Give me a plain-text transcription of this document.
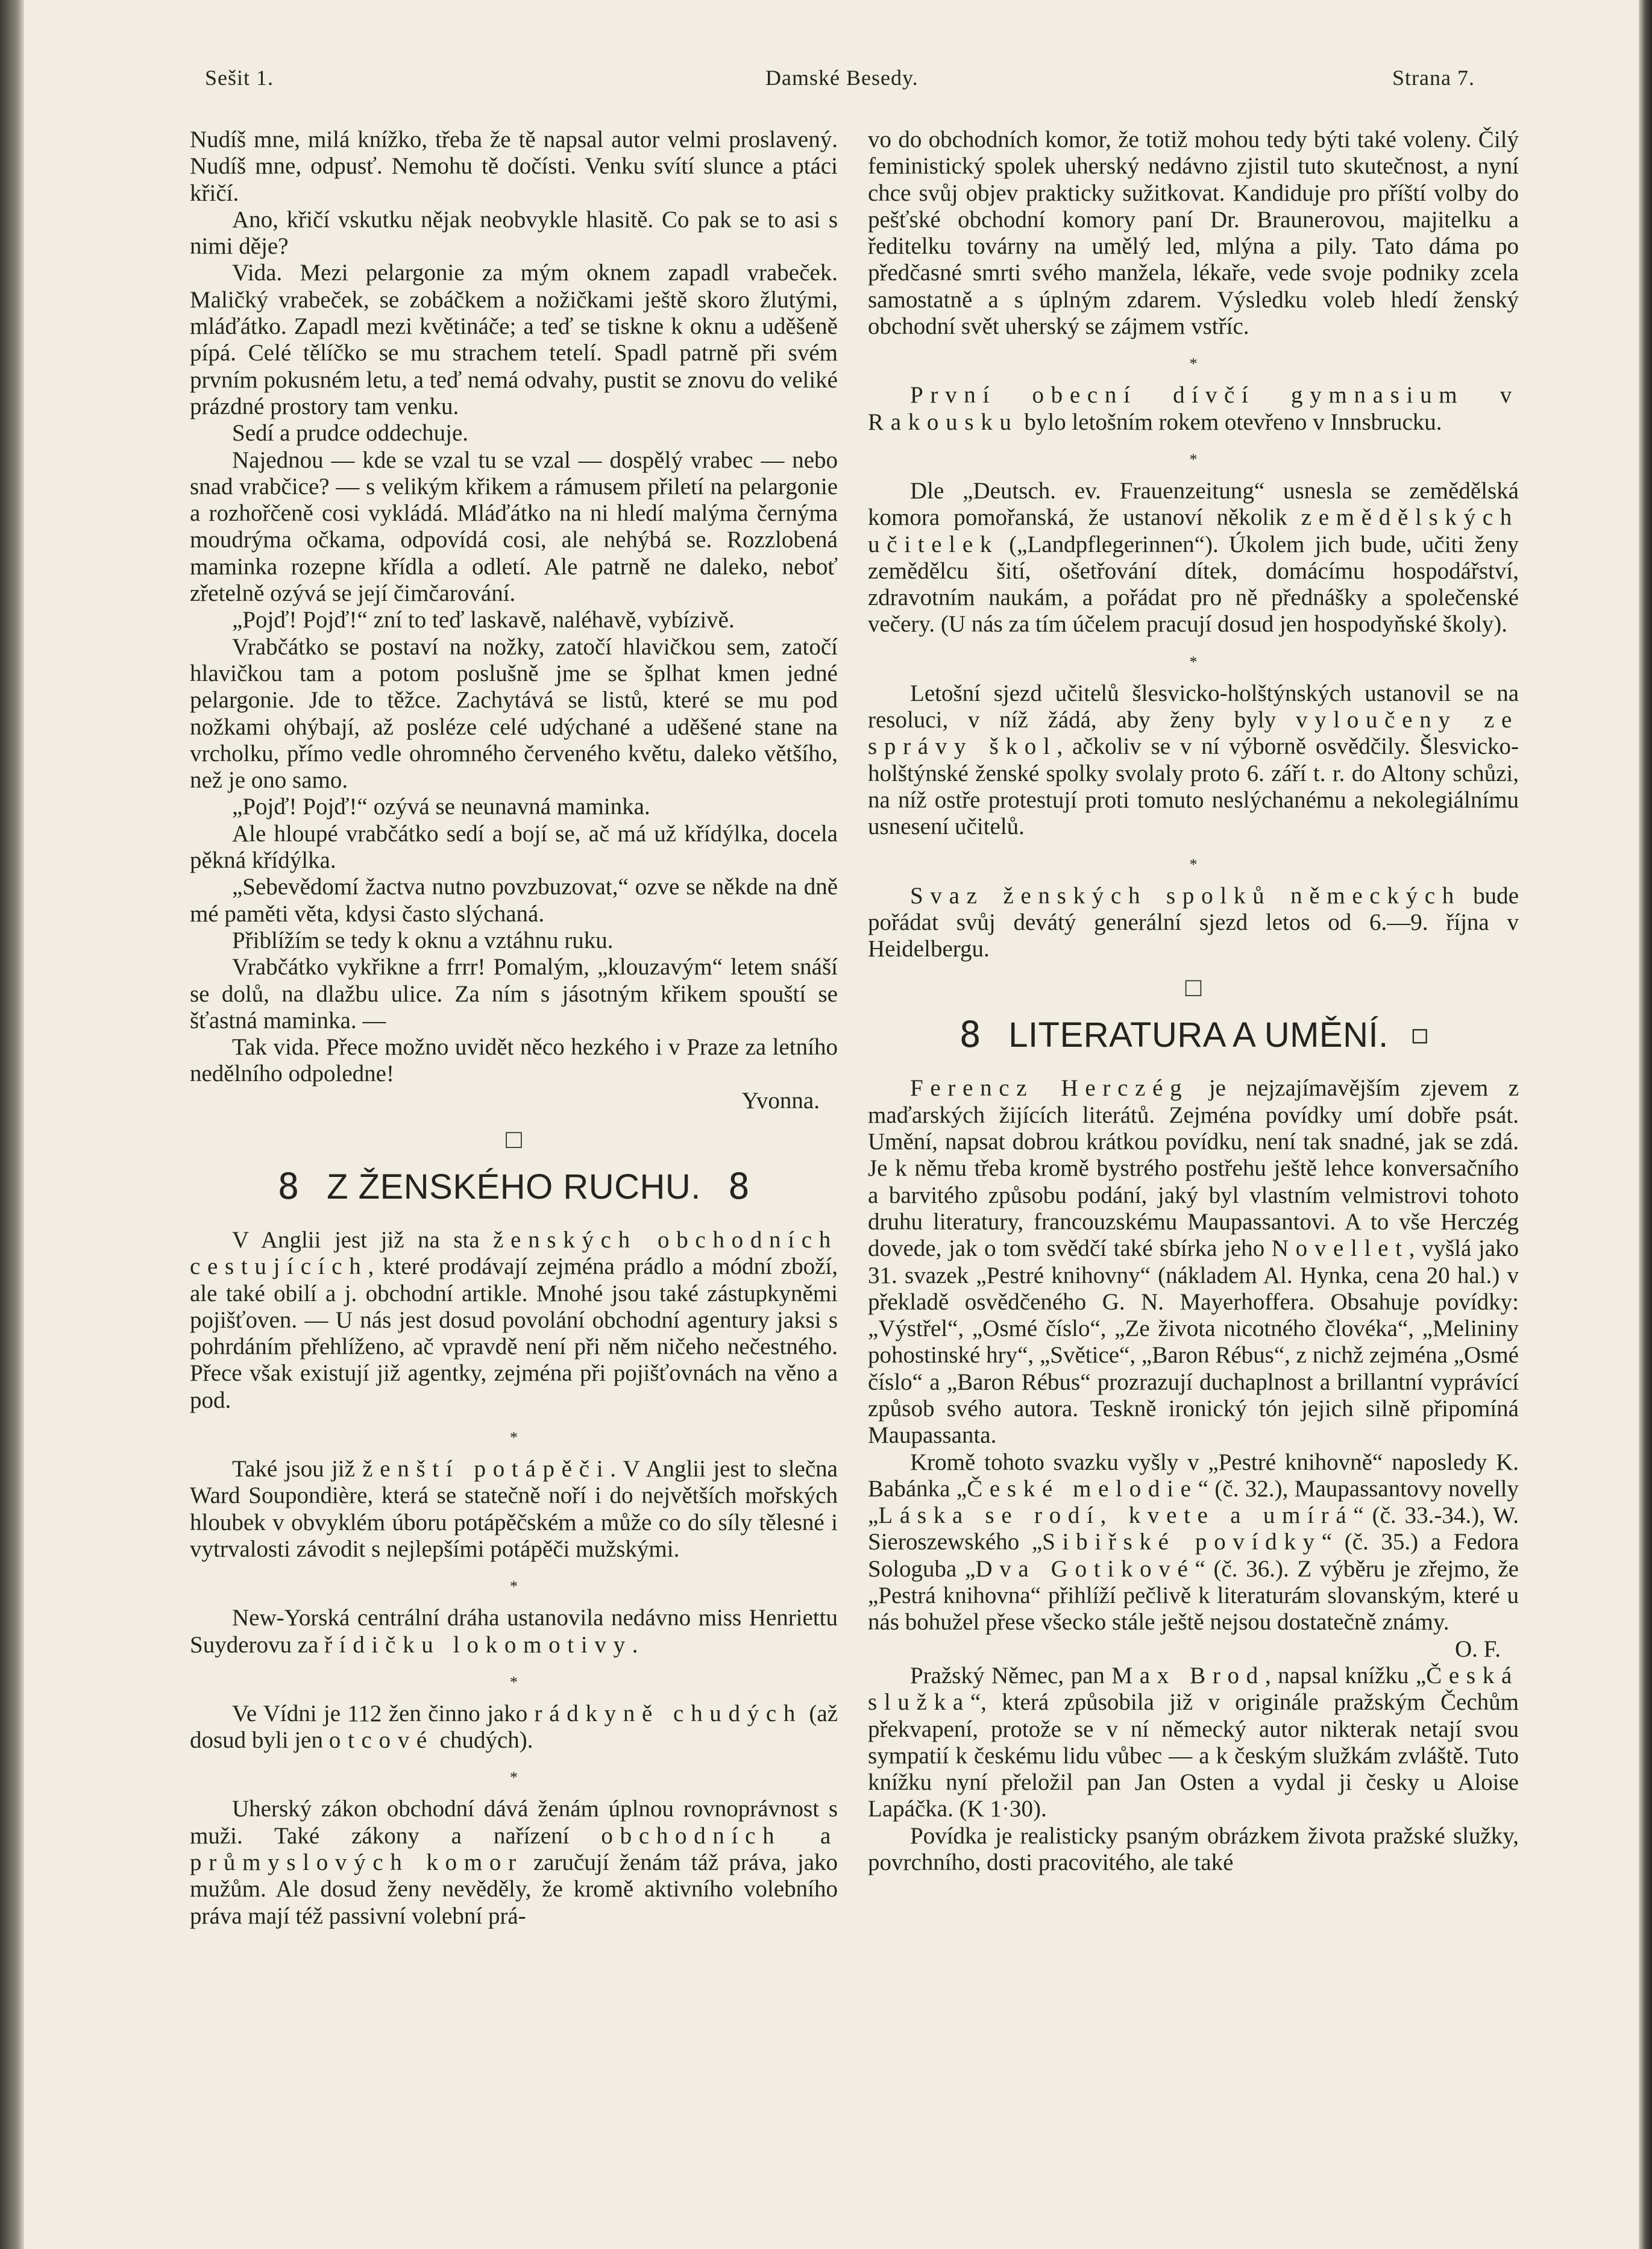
Sešit 1.	Damské Besedy.	Strana 7.

Nudíš mne, milá knížko, třeba že tě napsal autor velmi proslavený. Nudíš mne, odpusť. Nemohu tě dočísti. Venku svítí slunce a ptáci křičí.

Ano, křičí vskutku nějak neobvykle hlasitě. Co pak se to asi s nimi děje?

Vida. Mezi pelargonie za mým oknem zapadl vrabeček. Maličký vrabeček, se zobáčkem a nožičkami ještě skoro žlutými, mláďátko. Zapadl mezi květináče; a teď se tiskne k oknu a uděšeně pípá. Celé tělíčko se mu strachem tetelí. Spadl patrně při svém prvním pokusném letu, a teď nemá odvahy, pustit se znovu do veliké prázdné prostory tam venku.

Sedí a prudce oddechuje.

Najednou — kde se vzal tu se vzal — dospělý vrabec — nebo snad vrabčice? — s velikým křikem a rámusem přiletí na pelargonie a rozhořčeně cosi vykládá. Mláďátko na ni hledí malýma černýma moudrýma očkama, odpovídá cosi, ale nehýbá se. Rozzlobená maminka rozepne křídla a odletí. Ale patrně ne daleko, neboť zřetelně ozývá se její čimčarování.

„Pojď! Pojď!“ zní to teď laskavě, naléhavě, vybízivě.

Vrabčátko se postaví na nožky, zatočí hlavičkou sem, zatočí hlavičkou tam a potom poslušně jme se šplhat kmen jedné pelargonie. Jde to těžce. Zachytává se listů, které se mu pod nožkami ohýbají, až posléze celé udýchané a uděšené stane na vrcholku, přímo vedle ohromného červeného květu, daleko většího, než je ono samo.

„Pojď! Pojď!“ ozývá se neunavná maminka.

Ale hloupé vrabčátko sedí a bojí se, ač má už křídýlka, docela pěkná křídýlka.

„Sebevědomí žactva nutno povzbuzovat,“ ozve se někde na dně mé paměti věta, kdysi často slýchaná.

Přiblížím se tedy k oknu a vztáhnu ruku.

Vrabčátko vykřikne a frrr! Pomalým, „klouzavým“ letem snáší se dolů, na dlažbu ulice. Za ním s jásotným křikem spouští se šťastná maminka. —

Tak vida. Přece možno uvidět něco hezkého i v Praze za letního nedělního odpoledne!

Yvonna.
□
8 Z ŽENSKÉHO RUCHU. 8

V Anglii jest již na sta ženských obchodních cestujících, které prodávají zejména prádlo a módní zboží, ale také obilí a j. obchodní artikle. Mnohé jsou také zástupkyněmi pojišťoven. — U nás jest dosud povolání obchodní agentury jaksi s pohrdáním přehlíženo, ač vpravdě není při něm ničeho nečestného. Přece však existují již agentky, zejména při pojišťovnách na věno a pod.

*

Také jsou již ženští potápěči. V Anglii jest to slečna Ward Soupondière, která se statečně noří i do největších mořských hloubek v obvyklém úboru potápěčském a může co do síly tělesné i vytrvalosti závodit s nejlepšími potápěči mužskými.

*

New-Yorská centrální dráha ustanovila nedávno miss Henriettu Suyderovu za řídičku lokomotivy.

*

Ve Vídni je 112 žen činno jako rádkyně chudých (až dosud byli jen otcové chudých).

*

Uherský zákon obchodní dává ženám úplnou rovnoprávnost s muži. Také zákony a nařízení obchodních a průmyslových komor zaručují ženám táž práva, jako mužům. Ale dosud ženy nevěděly, že kromě aktivního volebního práva mají též passivní volební prá-

vo do obchodních komor, že totiž mohou tedy býti také voleny. Čilý feministický spolek uherský nedávno zjistil tuto skutečnost, a nyní chce svůj objev prakticky sužitkovat. Kandiduje pro příští volby do pešťské obchodní komory paní Dr. Braunerovou, majitelku a ředitelku továrny na umělý led, mlýna a pily. Tato dáma po předčasné smrti svého manžela, lékaře, vede svoje podniky zcela samostatně a s úplným zdarem. Výsledku voleb hledí ženský obchodní svět uherský se zájmem vstříc.

*

První obecní dívčí gymnasium v Rakousku bylo letošním rokem otevřeno v Innsbrucku.

*

Dle „Deutsch. ev. Frauenzeitung“ usnesla se zemědělská komora pomořanská, že ustanoví několik zemědělských učitelek („Landpflegerinnen“). Úkolem jich bude, učiti ženy zemědělcu šití, ošetřování dítek, domácímu hospodářství, zdravotním naukám, a pořádat pro ně přednášky a společenské večery. (U nás za tím účelem pracují dosud jen hospodyňské školy).

*

Letošní sjezd učitelů šlesvicko-holštýnských ustanovil se na resoluci, v níž žádá, aby ženy byly vyloučeny ze správy škol, ačkoliv se v ní výborně osvědčily. Šlesvicko-holštýnské ženské spolky svolaly proto 6. září t. r. do Altony schůzi, na níž ostře protestují proti tomuto neslýchanému a nekolegiálnímu usnesení učitelů.

*

Svaz ženských spolků německých bude pořádat svůj devátý generální sjezd letos od 6.—9. října v Heidelbergu.

□
8 LITERATURA A UMĚNÍ. □

Ferencz Herczég je nejzajímavějším zjevem z maďarských žijících literátů. Zejména povídky umí dobře psát. Umění, napsat dobrou krátkou povídku, není tak snadné, jak se zdá. Je k němu třeba kromě bystrého postřehu ještě lehce konversačního a barvitého způsobu podání, jaký byl vlastním velmistrovi tohoto druhu literatury, francouzskému Maupassantovi. A to vše Herczég dovede, jak o tom svědčí také sbírka jeho Novellet, vyšlá jako 31. svazek „Pestré knihovny“ (nákladem Al. Hynka, cena 20 hal.) v překladě osvědčeného G. N. Mayerhoffera. Obsahuje povídky: „Výstřel“, „Osmé číslo“, „Ze života nicotného človéka“, „Melininy pohostinské hry“, „Světice“, „Baron Rébus“, z nichž zejména „Osmé číslo“ a „Baron Rébus“ prozrazují duchaplnost a brillantní vyprávící způsob svého autora. Teskně ironický tón jejich silně připomíná Maupassanta.

Kromě tohoto svazku vyšly v „Pestré knihovně“ naposledy K. Babánka „České melodie“ (č. 32.), Maupassantovy novelly „Láska se rodí, kvete a umírá“ (č. 33.-34.), W. Sieroszewského „Sibiřské povídky“ (č. 35.) a Fedora Sologuba „Dva Gotikové“ (č. 36.). Z výběru je zřejmo, že „Pestrá knihovna“ přihlíží pečlivě k literaturám slovanským, které u nás bohužel přese všecko stále ještě nejsou dostatečně známy.

O. F.

Pražský Němec, pan Max Brod, napsal knížku „Česká služka“, která způsobila již v originále pražským Čechům překvapení, protože se v ní německý autor nikterak netají svou sympatií k českému lidu vůbec — a k českým služkám zvláště. Tuto knížku nyní přeložil pan Jan Osten a vydal ji česky u Aloise Lapáčka. (K 1·30).

Povídka je realisticky psaným obrázkem života pražské služky, povrchního, dosti pracovitého, ale také
